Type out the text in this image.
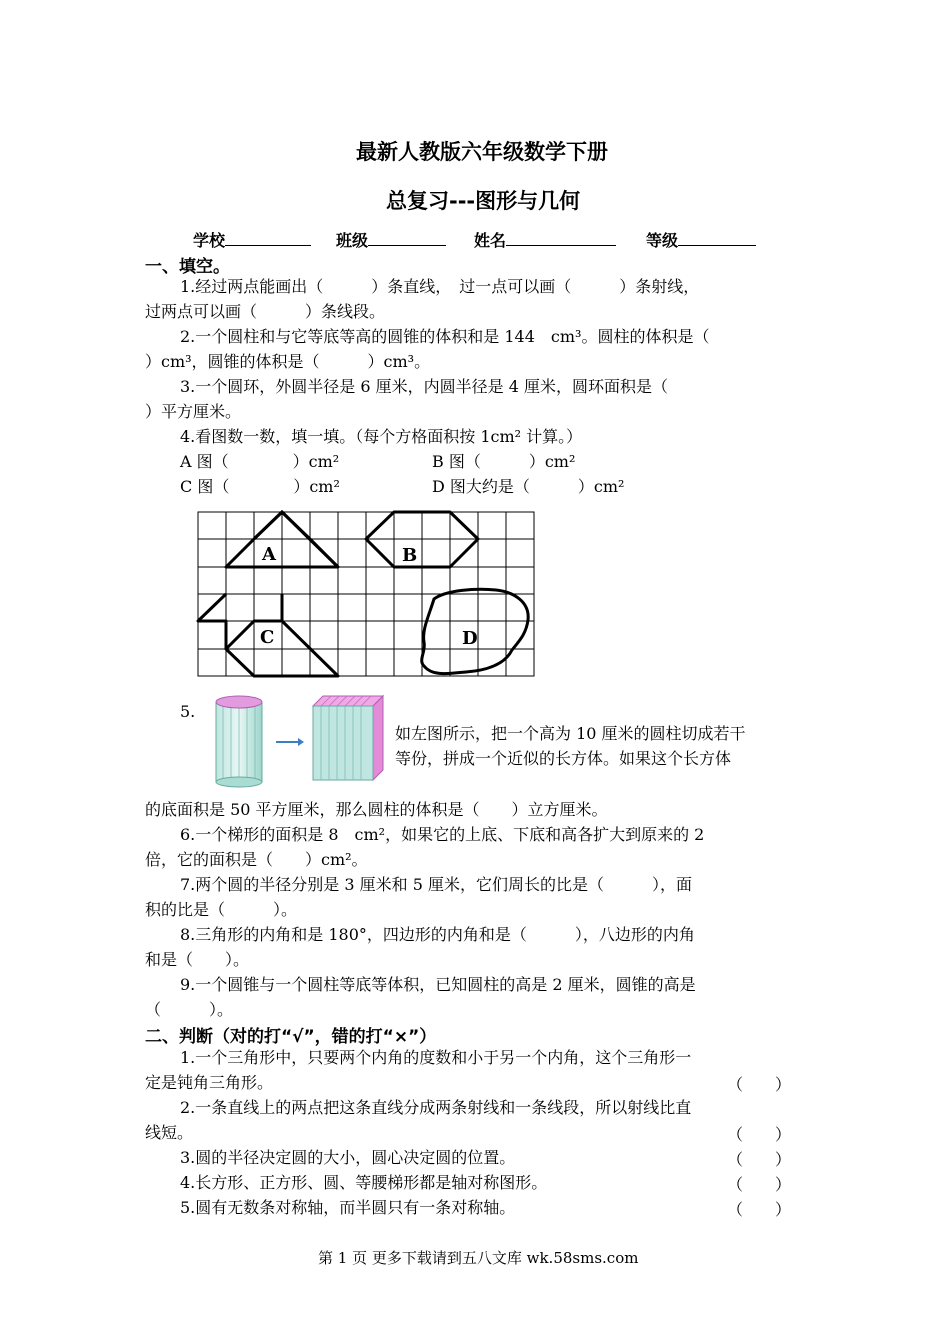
最新人教版六年级数学下册
总复习---图形与几何
学校	班级	姓名	等级
一、填空。
1.经过两点能画出（　　　）条直线，　过一点可以画（　　　）条射线，
过两点可以画（　　　）条线段。
2.一个圆柱和与它等底等高的圆锥的体积和是 144　cm³。圆柱的体积是（
）cm³，圆锥的体积是（　　　）cm³。
3.一个圆环，外圆半径是 6 厘米，内圆半径是 4 厘米，圆环面积是（
）平方厘米。
4.看图数一数，填一填。（每个方格面积按 1cm² 计算。）
A 图（　　　　）cm²	B 图（　　　）cm²
C 图（　　　　）cm²	D 图大约是（　　　）cm²
A	B
C	D
5.
如左图所示，把一个高为 10 厘米的圆柱切成若干
等份，拼成一个近似的长方体。如果这个长方体
的底面积是 50 平方厘米，那么圆柱的体积是（　　）立方厘米。
6.一个梯形的面积是 8　cm²，如果它的上底、下底和高各扩大到原来的 2
倍，它的面积是（　　）cm²。
7.两个圆的半径分别是 3 厘米和 5 厘米，它们周长的比是（　　　），面
积的比是（　　　）。
8.三角形的内角和是 180°，四边形的内角和是（　　　），八边形的内角
和是（　　）。
9.一个圆锥与一个圆柱等底等体积，已知圆柱的高是 2 厘米，圆锥的高是
（　　　）。
二、判断（对的打“√”，错的打“×”）
1.一个三角形中，只要两个内角的度数和小于另一个内角，这个三角形一
定是钝角三角形。	（　　）
2.一条直线上的两点把这条直线分成两条射线和一条线段，所以射线比直
线短。	（　　）
3.圆的半径决定圆的大小，圆心决定圆的位置。	（　　）
4.长方形、正方形、圆、等腰梯形都是轴对称图形。	（　　）
5.圆有无数条对称轴，而半圆只有一条对称轴。	（　　）
第 1 页 更多下载请到五八文库 wk.58sms.com
